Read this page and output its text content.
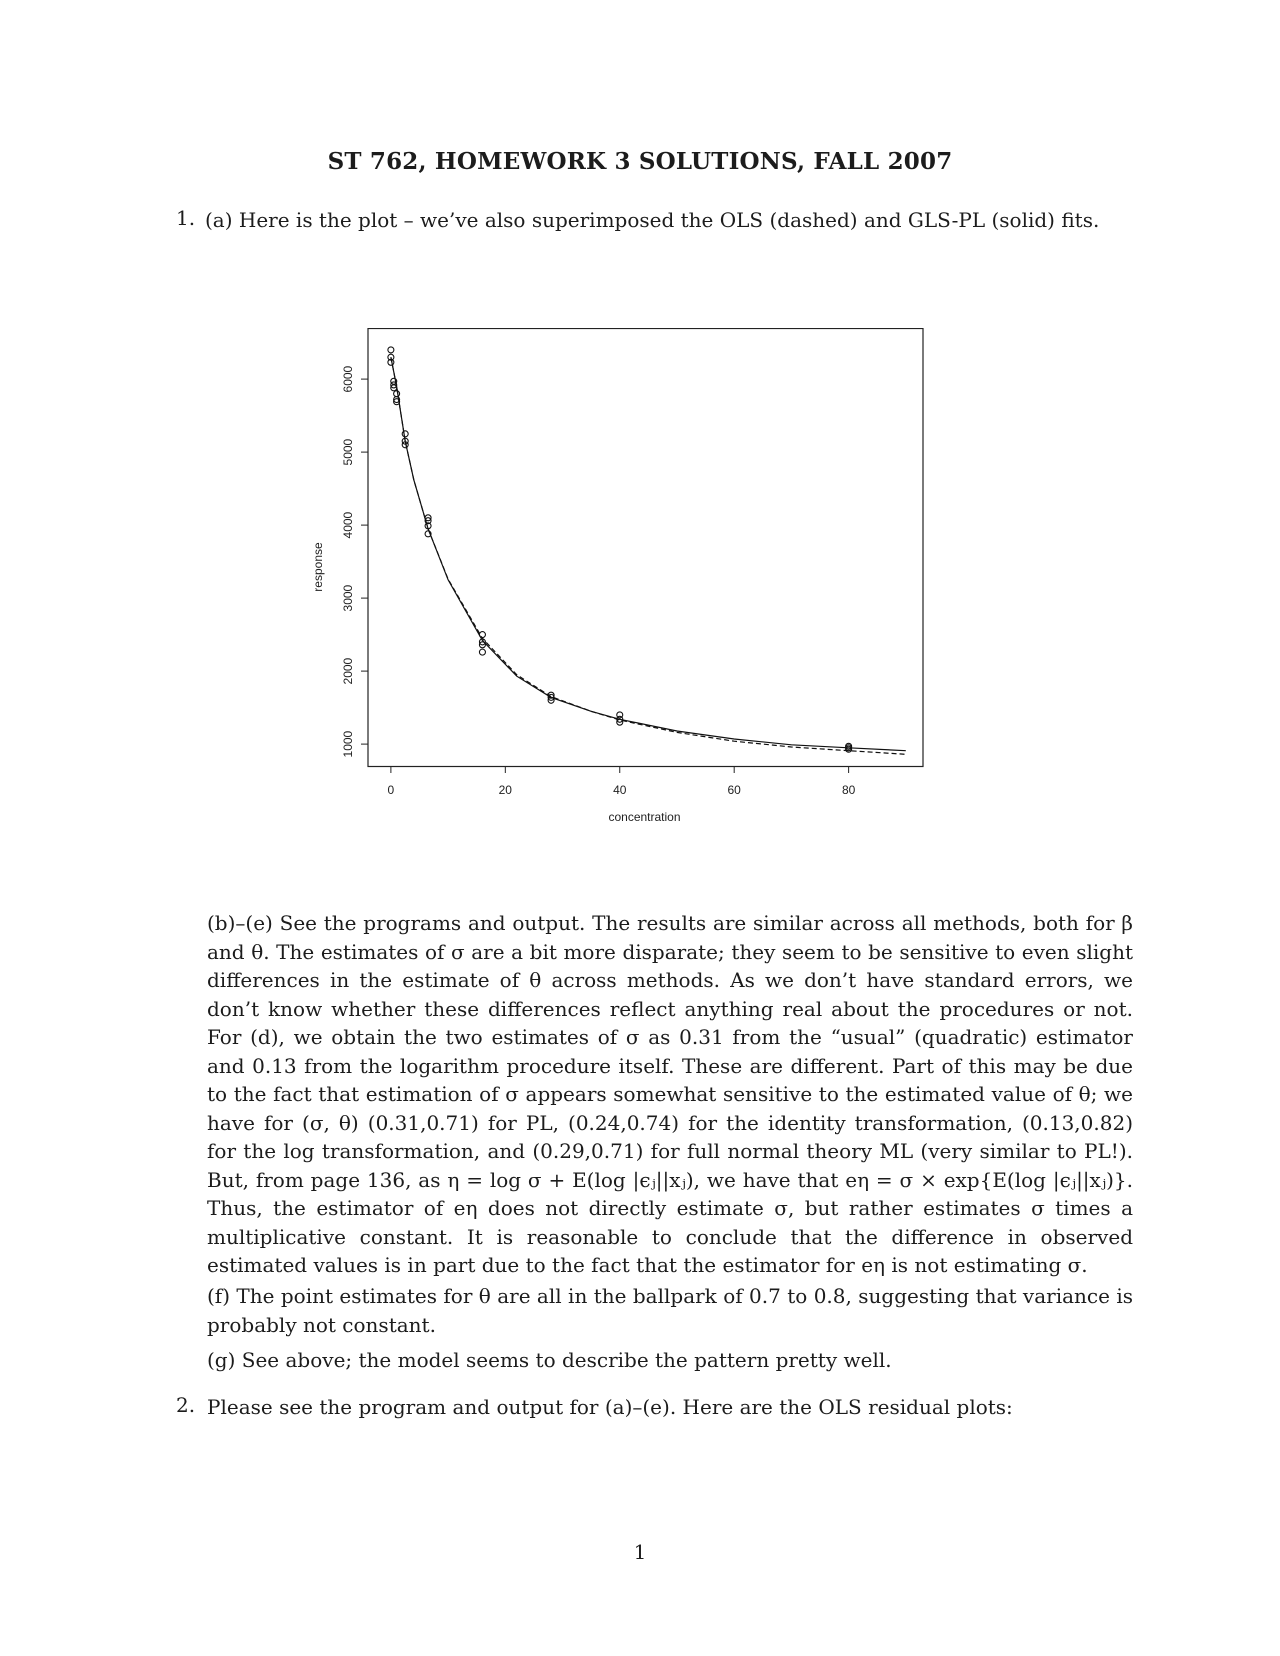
ST 762, HOMEWORK 3 SOLUTIONS, FALL 2007
1. (a) Here is the plot – we’ve also superimposed the OLS (dashed) and GLS-PL (solid) fits.
0	20	40	60	80
1000
2000
3000
4000
5000
6000
concentration
response
(b)–(e) See the programs and output. The results are similar across all methods, both for β and θ. The estimates of σ are a bit more disparate; they seem to be sensitive to even slight differences in the estimate of θ across methods. As we don’t have standard errors, we don’t know whether these differences reflect anything real about the procedures or not. For (d), we obtain the two estimates of σ as 0.31 from the “usual” (quadratic) estimator and 0.13 from the logarithm procedure itself. These are different. Part of this may be due to the fact that estimation of σ appears somewhat sensitive to the estimated value of θ; we have for (σ, θ) (0.31,0.71) for PL, (0.24,0.74) for the identity transformation, (0.13,0.82) for the log transformation, and (0.29,0.71) for full normal theory ML (very similar to PL!). But, from page 136, as η = log σ + E(log |ϵⱼ||xⱼ), we have that eη = σ × exp{E(log |ϵⱼ||xⱼ)}. Thus, the estimator of eη does not directly estimate σ, but rather estimates σ times a multiplicative constant. It is reasonable to conclude that the difference in observed estimated values is in part due to the fact that the estimator for eη is not estimating σ.
(f) The point estimates for θ are all in the ballpark of 0.7 to 0.8, suggesting that variance is probably not constant.
(g) See above; the model seems to describe the pattern pretty well.
2. Please see the program and output for (a)–(e). Here are the OLS residual plots:
1
